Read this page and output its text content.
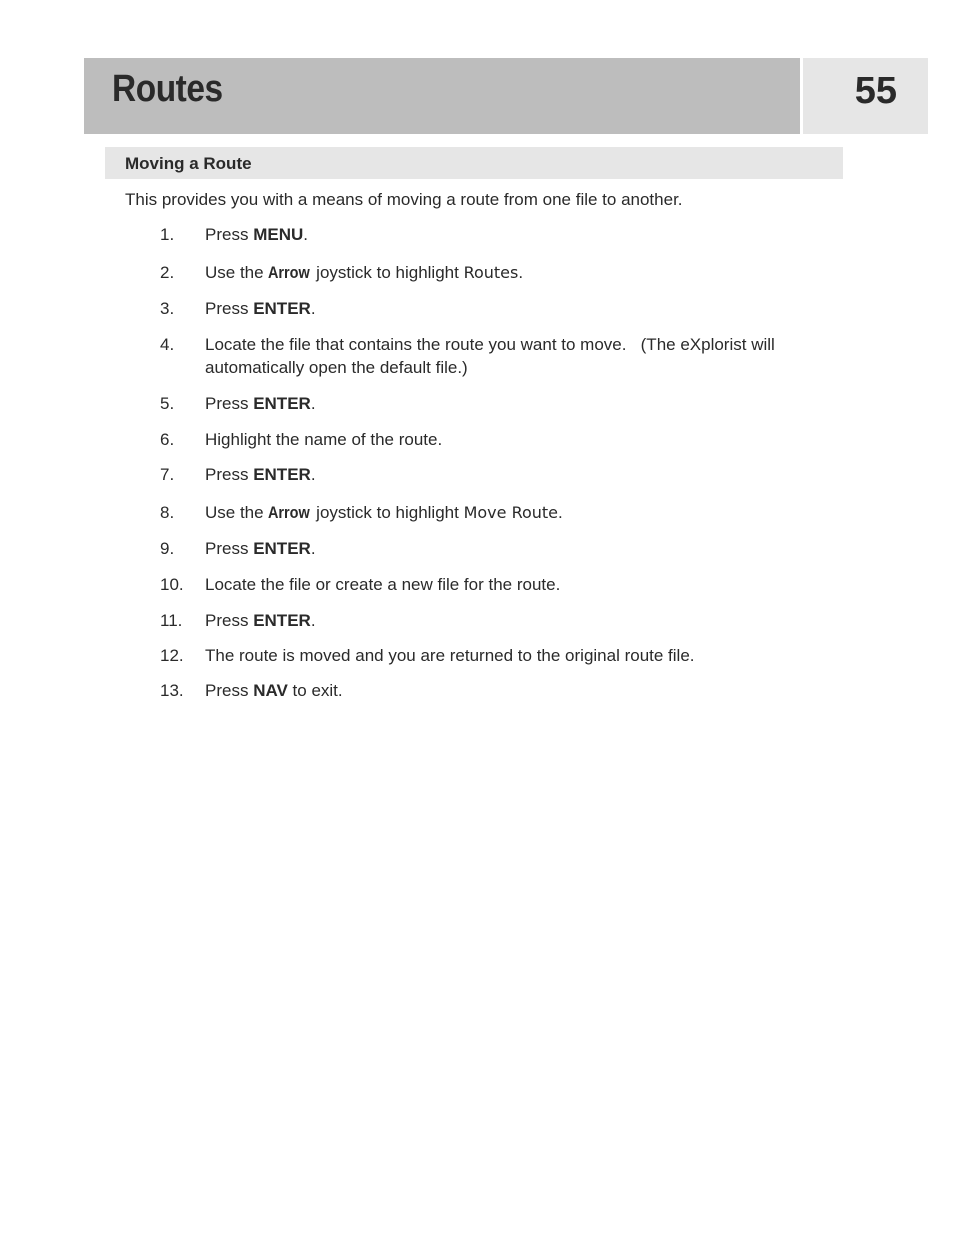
Routes	55
Moving a Route
This provides you with a means of moving a route from one file to another.
1. Press MENU.
2. Use the Arrow joystick to highlight Routes.
3. Press ENTER.
4. Locate the file that contains the route you want to move.   (The eXplorist will automatically open the default file.)
5. Press ENTER.
6. Highlight the name of the route.
7. Press ENTER.
8. Use the Arrow joystick to highlight Move Route.
9. Press ENTER.
10. Locate the file or create a new file for the route.
11. Press ENTER.
12. The route is moved and you are returned to the original route file.
13. Press NAV to exit.
